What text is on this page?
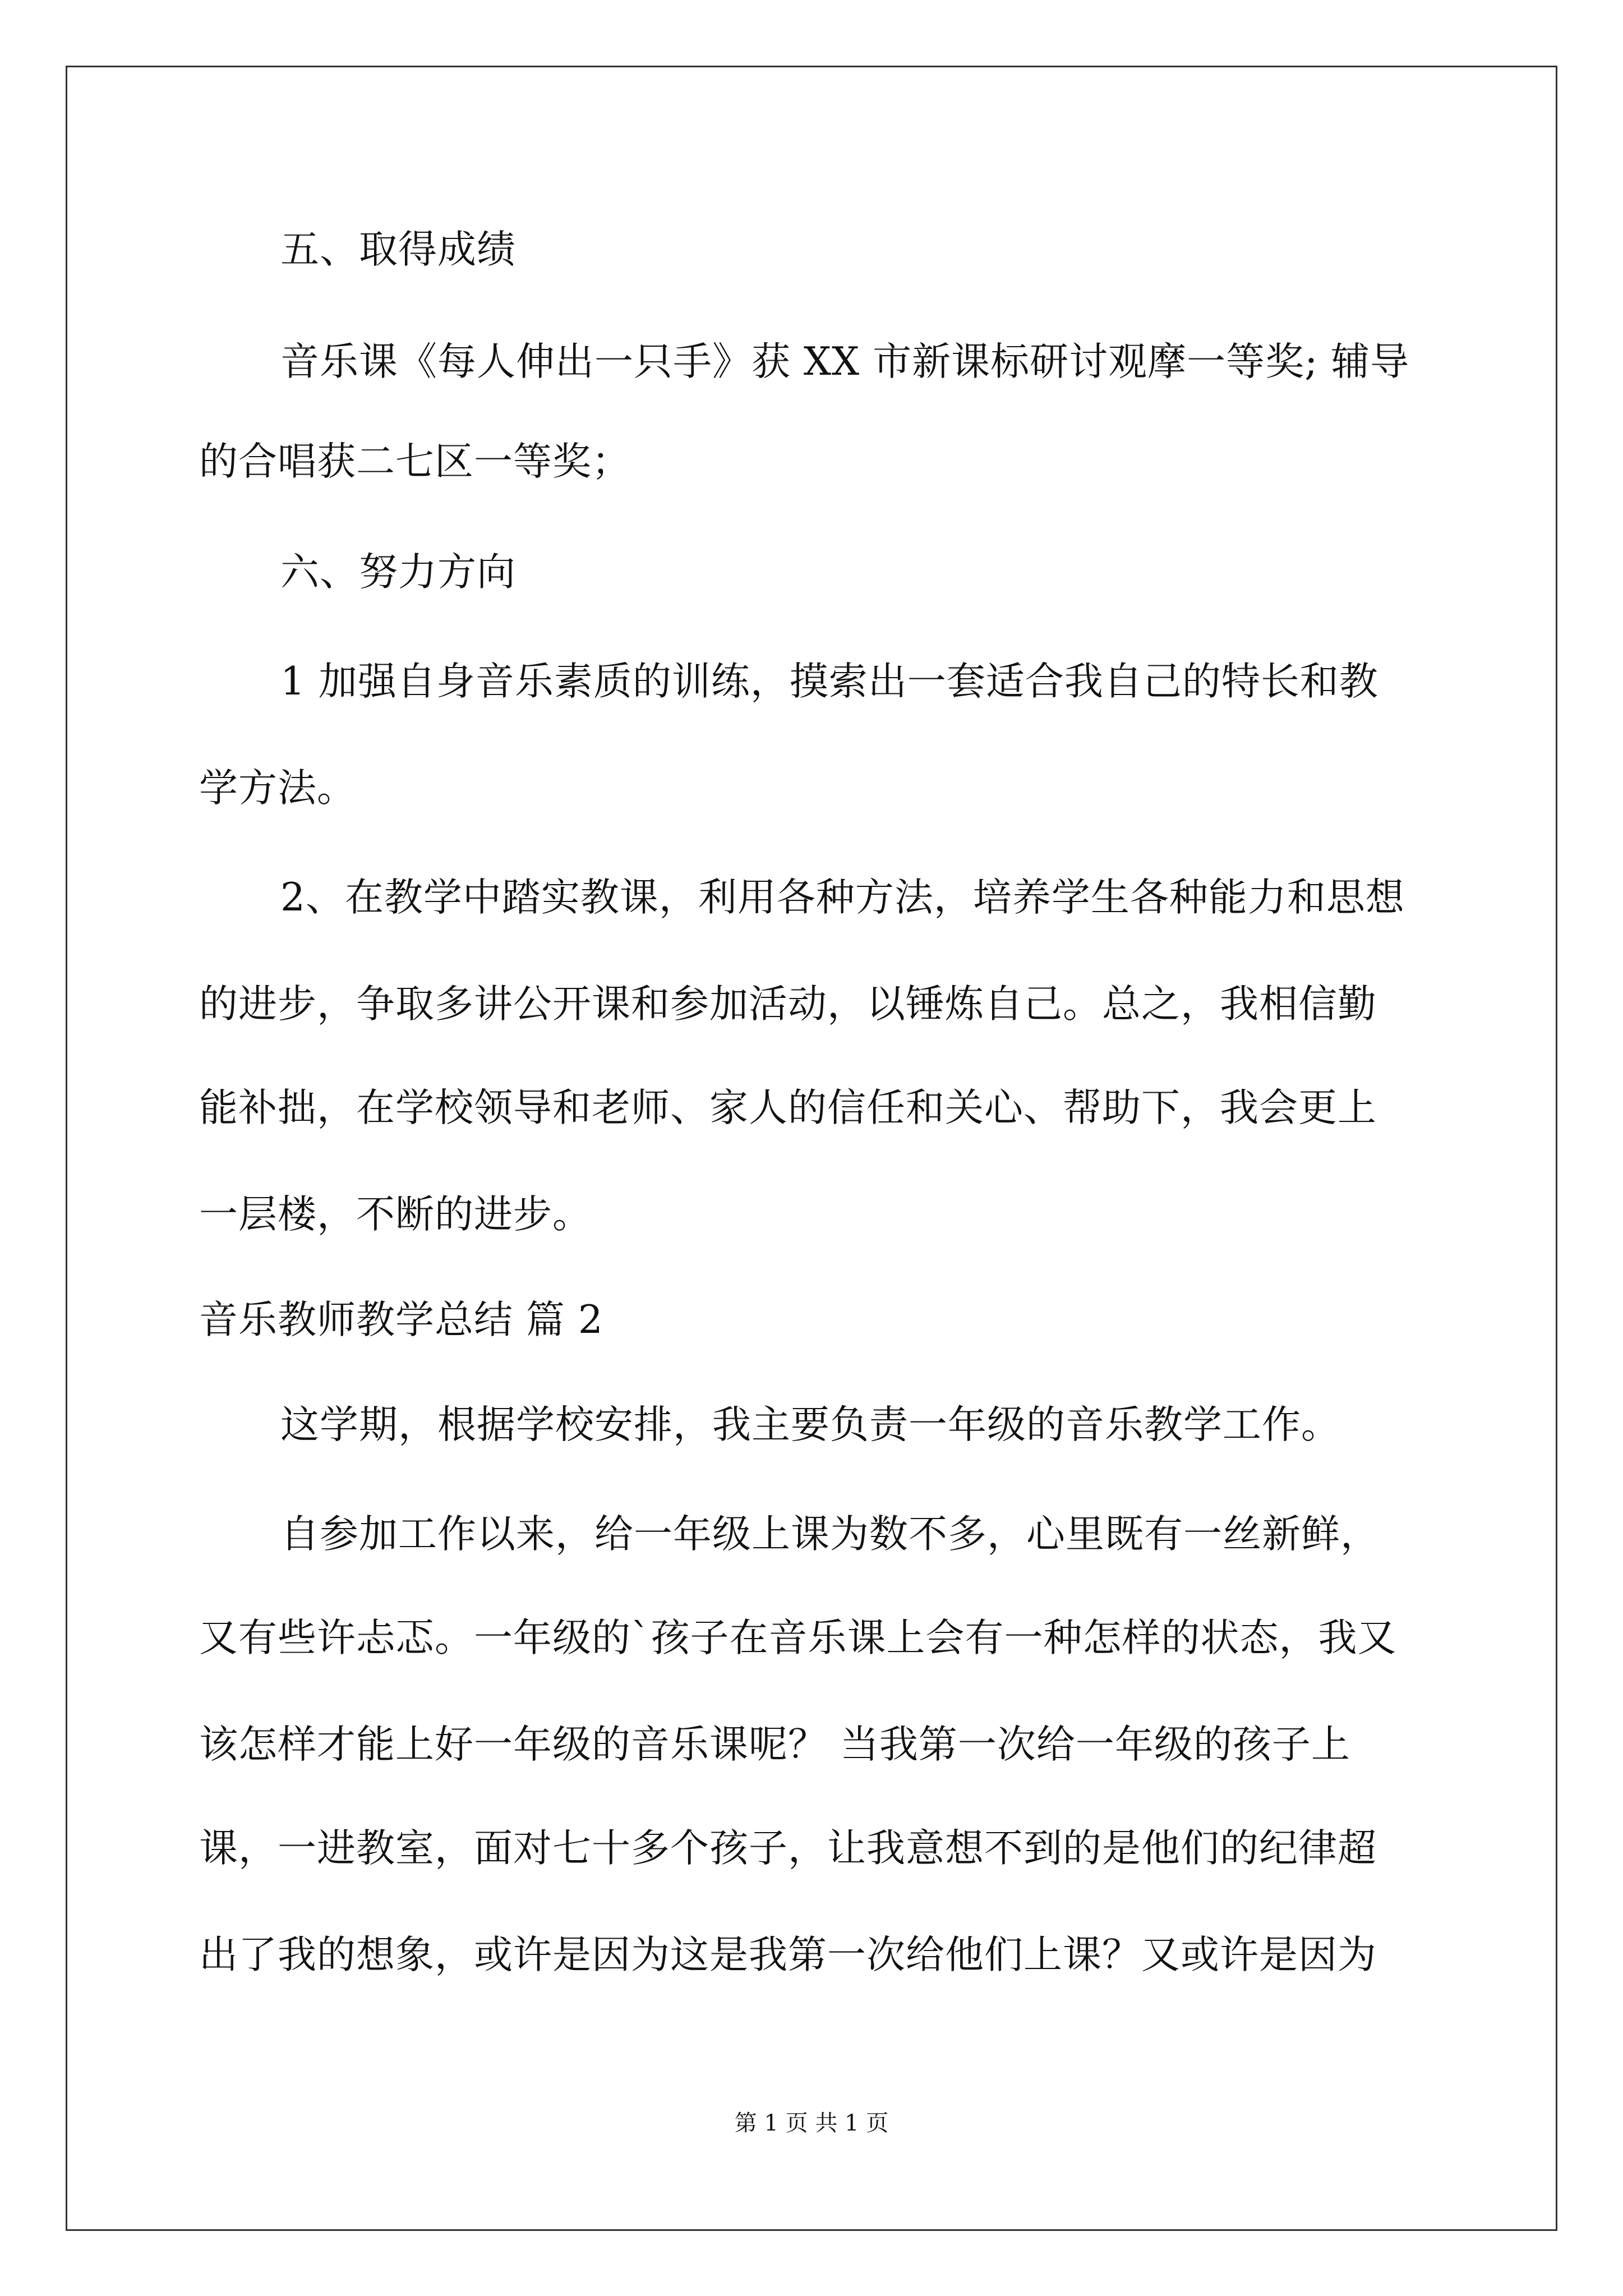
五、取得成绩
音乐课《每人伸出一只手》获 XX 市新课标研讨观摩一等奖; 辅导
的合唱获二七区一等奖；
六、努力方向
1 加强自身音乐素质的训练，摸索出一套适合我自己的特长和教
学方法。
2、在教学中踏实教课，利用各种方法，培养学生各种能力和思想
的进步，争取多讲公开课和参加活动，以锤炼自己。总之，我相信勤
能补拙，在学校领导和老师、家人的信任和关心、帮助下，我会更上
一层楼，不断的进步。
音乐教师教学总结 篇 2
这学期，根据学校安排，我主要负责一年级的音乐教学工作。
自参加工作以来，给一年级上课为数不多，心里既有一丝新鲜，
又有些许忐忑。一年级的`孩子在音乐课上会有一种怎样的状态，我又
该怎样才能上好一年级的音乐课呢？ 当我第一次给一年级的孩子上
课，一进教室，面对七十多个孩子，让我意想不到的是他们的纪律超
出了我的想象，或许是因为这是我第一次给他们上课？又或许是因为
第 1 页 共 1 页
